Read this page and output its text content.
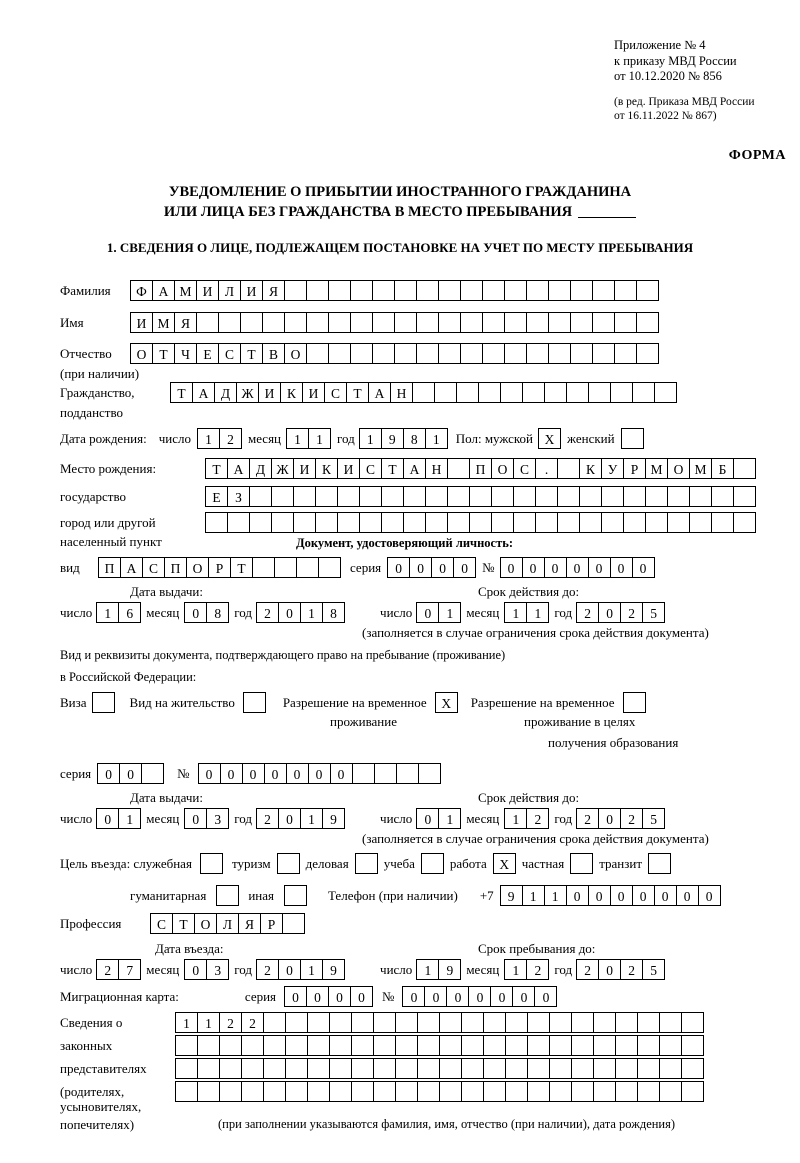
Приложение № 4
к приказу МВД России
от 10.12.2020 № 856
(в ред. Приказа МВД России
от 16.11.2022 № 867)
ФОРМА
УВЕДОМЛЕНИЕ О ПРИБЫТИИ ИНОСТРАННОГО ГРАЖДАНИНА
ИЛИ ЛИЦА БЕЗ ГРАЖДАНСТВА В МЕСТО ПРЕБЫВАНИЯ
1. СВЕДЕНИЯ О ЛИЦЕ, ПОДЛЕЖАЩЕМ ПОСТАНОВКЕ НА УЧЕТ ПО МЕСТУ ПРЕБЫВАНИЯ
Фамилия	Ф А М И Л И Я
Имя	И М Я
Отчество	О Т Ч Е С Т В О
(при наличии)
Гражданство,	Т А Д Ж И К И С Т А Н
подданство
Дата рождения: число	1	2	месяц 1	1	год 1	9	8	1	Пол: мужской X женский
Место рождения:	Т А Д Ж И К И С Т А Н	П О С	.	К У Р М О М Б
государство	Е	З
город или другой
населенный пункт	Документ, удостоверяющий личность:
вид	П А С П О Р	Т	серия	0	0	0	0	№ 0	0	0	0	0	0	0
Дата выдачи:	Срок действия до:
число 1	6	месяц 0	8	год 2	0	1	8	число 0	1	месяц 1	1	год 2	0	2	5
(заполняется в случае ограничения срока действия документа)
Вид и реквизиты документа, подтверждающего право на пребывание (проживание)
в Российской Федерации:
Виза	Вид на жительство	Разрешение на временное	X	Разрешение на временное
проживание	проживание в целях
получения образования
серия	0	0	№	0	0	0	0	0	0	0
Дата выдачи:	Срок действия до:
число 0	1	месяц 0	3	год 2	0	1	9	число 0	1	месяц 1	2	год 2	0	2	5
(заполняется в случае ограничения срока действия документа)
Цель въезда: служебная	туризм	деловая	учеба	работа X частная	транзит
гуманитарная	иная	Телефон (при наличии) +7	9	1	1	0	0	0	0	0	0	0
Профессия	С Т О Л Я	Р
Дата въезда:	Срок пребывания до:
число 2	7	месяц 0	3	год 2	0	1	9	число 1	9	месяц 1	2	год 2	0	2	5
Миграционная карта:	серия	0	0	0	0	№	0	0	0	0	0	0	0
Сведения о	1	1	2	2
законных
представителях
(родителях,
усыновителях,
попечителях)	(при заполнении указываются фамилия, имя, отчество (при наличии), дата рождения)
